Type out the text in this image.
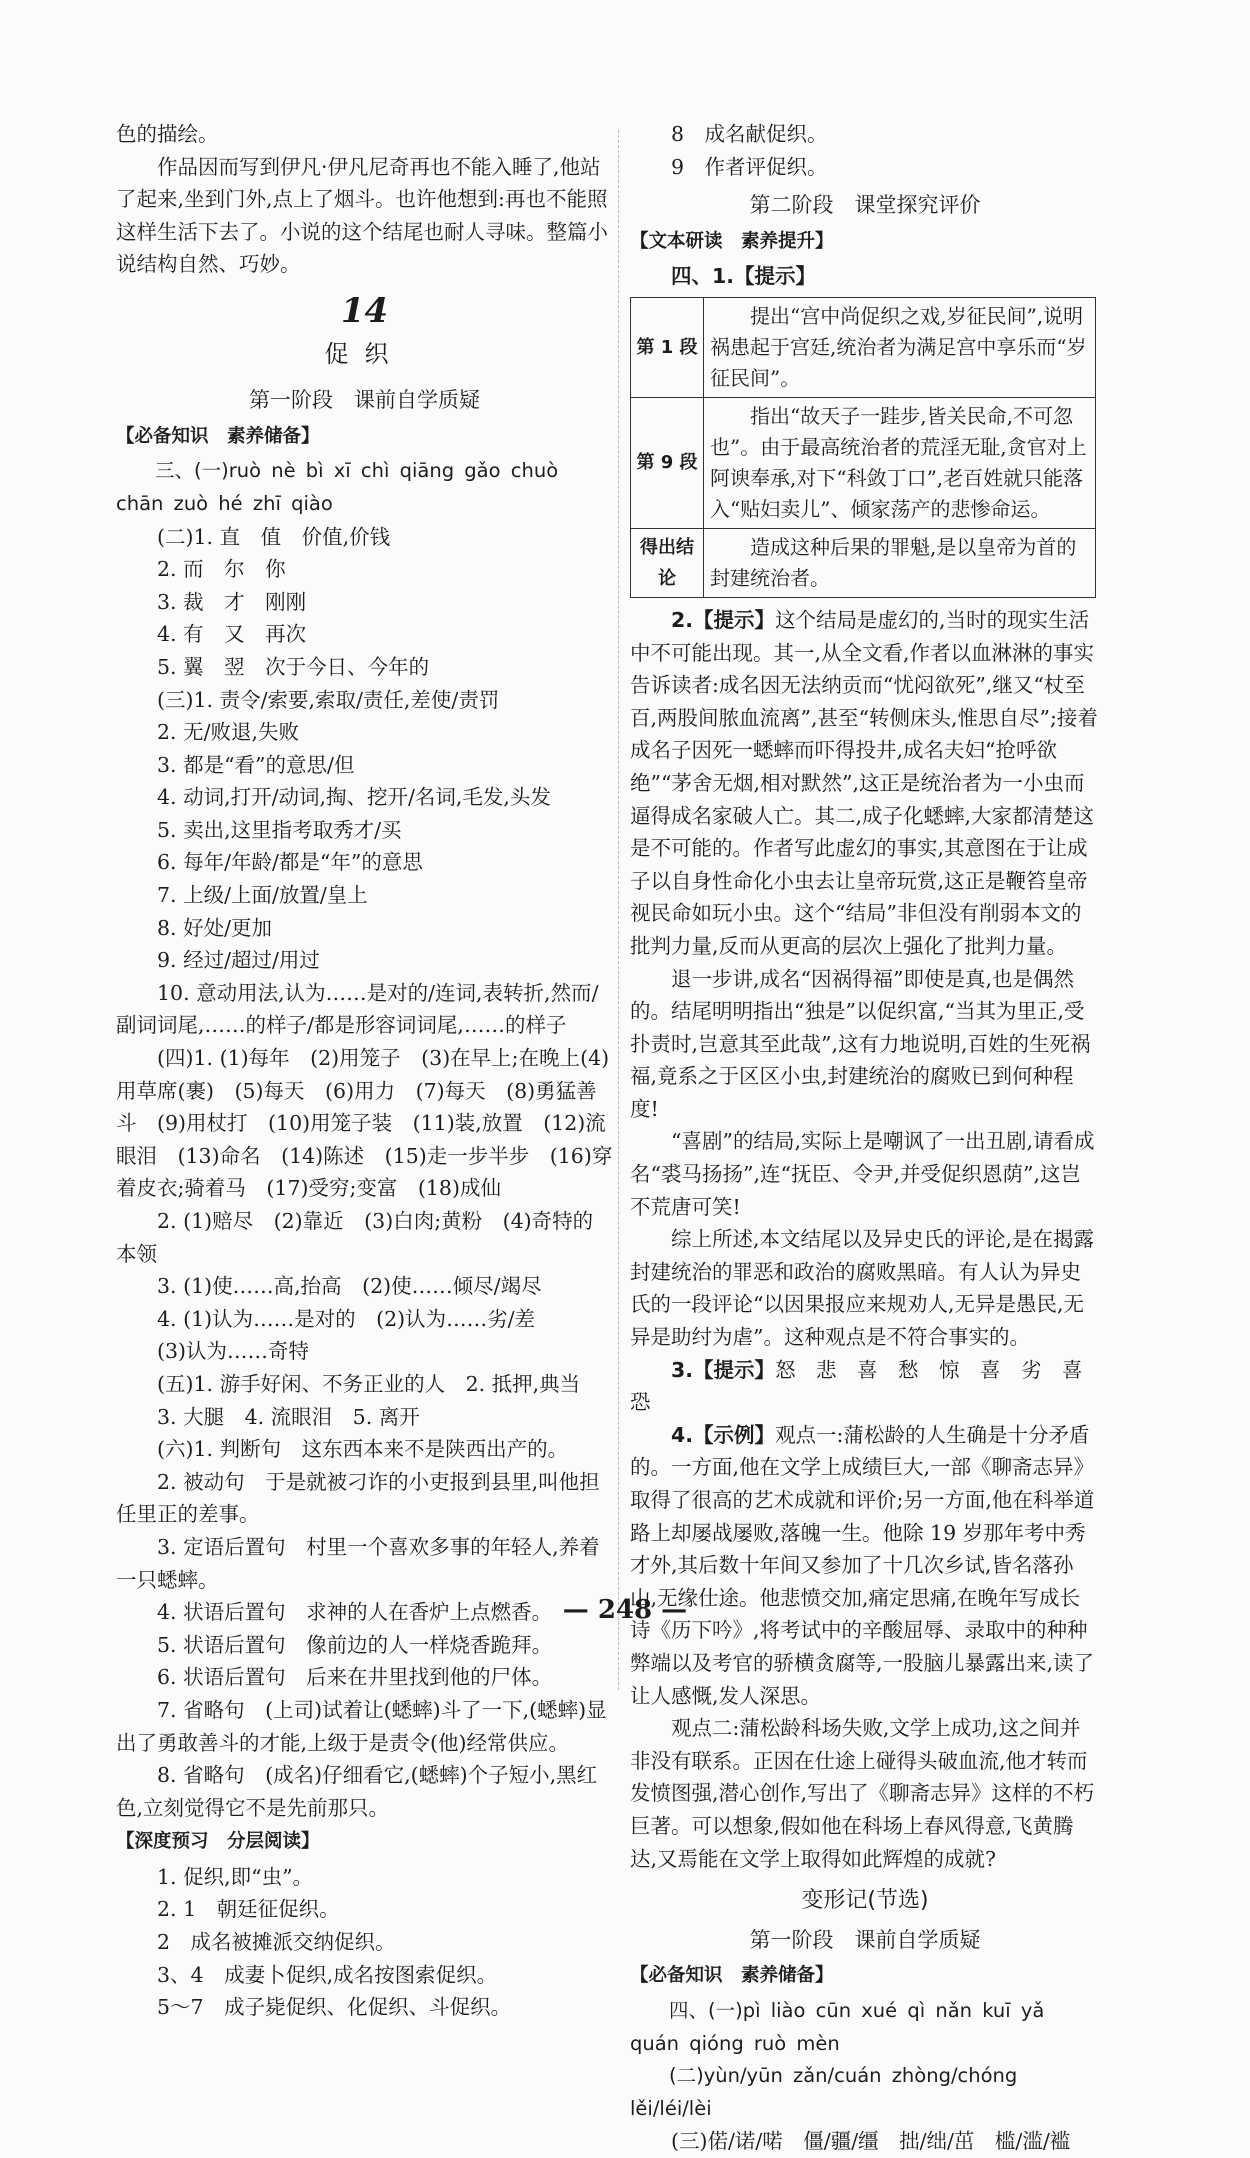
色的描绘。

作品因而写到伊凡·伊凡尼奇再也不能入睡了,他站了起来,坐到门外,点上了烟斗。也许他想到:再也不能照这样生活下去了。小说的这个结尾也耐人寻味。整篇小说结构自然、巧妙。

14
促织
第一阶段　课前自学质疑
【必备知识　素养储备】

三、(一)ruò nè bì xī chì qiāng gǎo chuò

chān zuò hé zhī qiào

(二)1. 直　值　价值,价钱

2. 而　尔　你

3. 裁　才　刚刚

4. 有　又　再次

5. 翼　翌　次于今日、今年的

(三)1. 责令/索要,索取/责任,差使/责罚

2. 无/败退,失败

3. 都是“看”的意思/但

4. 动词,打开/动词,掏、挖开/名词,毛发,头发

5. 卖出,这里指考取秀才/买

6. 每年/年龄/都是“年”的意思

7. 上级/上面/放置/皇上

8. 好处/更加

9. 经过/超过/用过

10. 意动用法,认为……是对的/连词,表转折,然而/副词词尾,……的样子/都是形容词词尾,……的样子

(四)1. (1)每年　(2)用笼子　(3)在早上;在晚上(4)用草席(裹)　(5)每天　(6)用力　(7)每天　(8)勇猛善斗　(9)用杖打　(10)用笼子装　(11)装,放置　(12)流眼泪　(13)命名　(14)陈述　(15)走一步半步　(16)穿着皮衣;骑着马　(17)受穷;变富　(18)成仙

2. (1)赔尽　(2)靠近　(3)白肉;黄粉　(4)奇特的本领

3. (1)使……高,抬高　(2)使……倾尽/竭尽

4. (1)认为……是对的　(2)认为……劣/差

(3)认为……奇特

(五)1. 游手好闲、不务正业的人　2. 抵押,典当

3. 大腿　4. 流眼泪　5. 离开

(六)1. 判断句　这东西本来不是陕西出产的。

2. 被动句　于是就被刁诈的小吏报到县里,叫他担任里正的差事。

3. 定语后置句　村里一个喜欢多事的年轻人,养着一只蟋蟀。

4. 状语后置句　求神的人在香炉上点燃香。

5. 状语后置句　像前边的人一样烧香跪拜。

6. 状语后置句　后来在井里找到他的尸体。

7. 省略句　(上司)试着让(蟋蟀)斗了一下,(蟋蟀)显出了勇敢善斗的才能,上级于是责令(他)经常供应。

8. 省略句　(成名)仔细看它,(蟋蟀)个子短小,黑红色,立刻觉得它不是先前那只。

【深度预习　分层阅读】

1. 促织,即“虫”。

2. 1　朝廷征促织。

2　成名被摊派交纳促织。

3、4　成妻卜促织,成名按图索促织。

5～7　成子毙促织、化促织、斗促织。

8　成名献促织。

9　作者评促织。

第二阶段　课堂探究评价
【文本研读　素养提升】

四、1.【提示】

第 1 段	提出“宫中尚促织之戏,岁征民间”,说明祸患起于宫廷,统治者为满足宫中享乐而“岁征民间”。
第 9 段	指出“故天子一跬步,皆关民命,不可忽也”。由于最高统治者的荒淫无耻,贪官对上阿谀奉承,对下“科敛丁口”,老百姓就只能落入“贴妇卖儿”、倾家荡产的悲惨命运。
得出结论	造成这种后果的罪魁,是以皇帝为首的封建统治者。

2.【提示】这个结局是虚幻的,当时的现实生活中不可能出现。其一,从全文看,作者以血淋淋的事实告诉读者:成名因无法纳贡而“忧闷欲死”,继又“杖至百,两股间脓血流离”,甚至“转侧床头,惟思自尽”;接着成名子因死一蟋蟀而吓得投井,成名夫妇“抢呼欲绝”“茅舍无烟,相对默然”,这正是统治者为一小虫而逼得成名家破人亡。其二,成子化蟋蟀,大家都清楚这是不可能的。作者写此虚幻的事实,其意图在于让成子以自身性命化小虫去让皇帝玩赏,这正是鞭笞皇帝视民命如玩小虫。这个“结局”非但没有削弱本文的批判力量,反而从更高的层次上强化了批判力量。

退一步讲,成名“因祸得福”即使是真,也是偶然的。结尾明明指出“独是”以促织富,“当其为里正,受扑责时,岂意其至此哉”,这有力地说明,百姓的生死祸福,竟系之于区区小虫,封建统治的腐败已到何种程度!

“喜剧”的结局,实际上是嘲讽了一出丑剧,请看成名“裘马扬扬”,连“抚臣、令尹,并受促织恩荫”,这岂不荒唐可笑!

综上所述,本文结尾以及异史氏的评论,是在揭露封建统治的罪恶和政治的腐败黑暗。有人认为异史氏的一段评论“以因果报应来规劝人,无异是愚民,无异是助纣为虐”。这种观点是不符合事实的。

3.【提示】怒　悲　喜　愁　惊　喜　劣　喜　恐

4.【示例】观点一:蒲松龄的人生确是十分矛盾的。一方面,他在文学上成绩巨大,一部《聊斋志异》取得了很高的艺术成就和评价;另一方面,他在科举道路上却屡战屡败,落魄一生。他除 19 岁那年考中秀才外,其后数十年间又参加了十几次乡试,皆名落孙山,无缘仕途。他悲愤交加,痛定思痛,在晚年写成长诗《历下吟》,将考试中的辛酸屈辱、录取中的种种弊端以及考官的骄横贪腐等,一股脑儿暴露出来,读了让人感慨,发人深思。

观点二:蒲松龄科场失败,文学上成功,这之间并非没有联系。正因在仕途上碰得头破血流,他才转而发愤图强,潜心创作,写出了《聊斋志异》这样的不朽巨著。可以想象,假如他在科场上春风得意,飞黄腾达,又焉能在文学上取得如此辉煌的成就?

变形记(节选)
第一阶段　课前自学质疑
【必备知识　素养储备】

四、(一)pì liào cūn xué qì nǎn kuī yǎ

quán qióng ruò mèn

(二)yùn/yūn zǎn/cuán zhòng/chóng lěi/léi/lèi

(三)偌/诺/喏　僵/疆/缰　拙/绌/茁　槛/滥/褴

— 248 —
